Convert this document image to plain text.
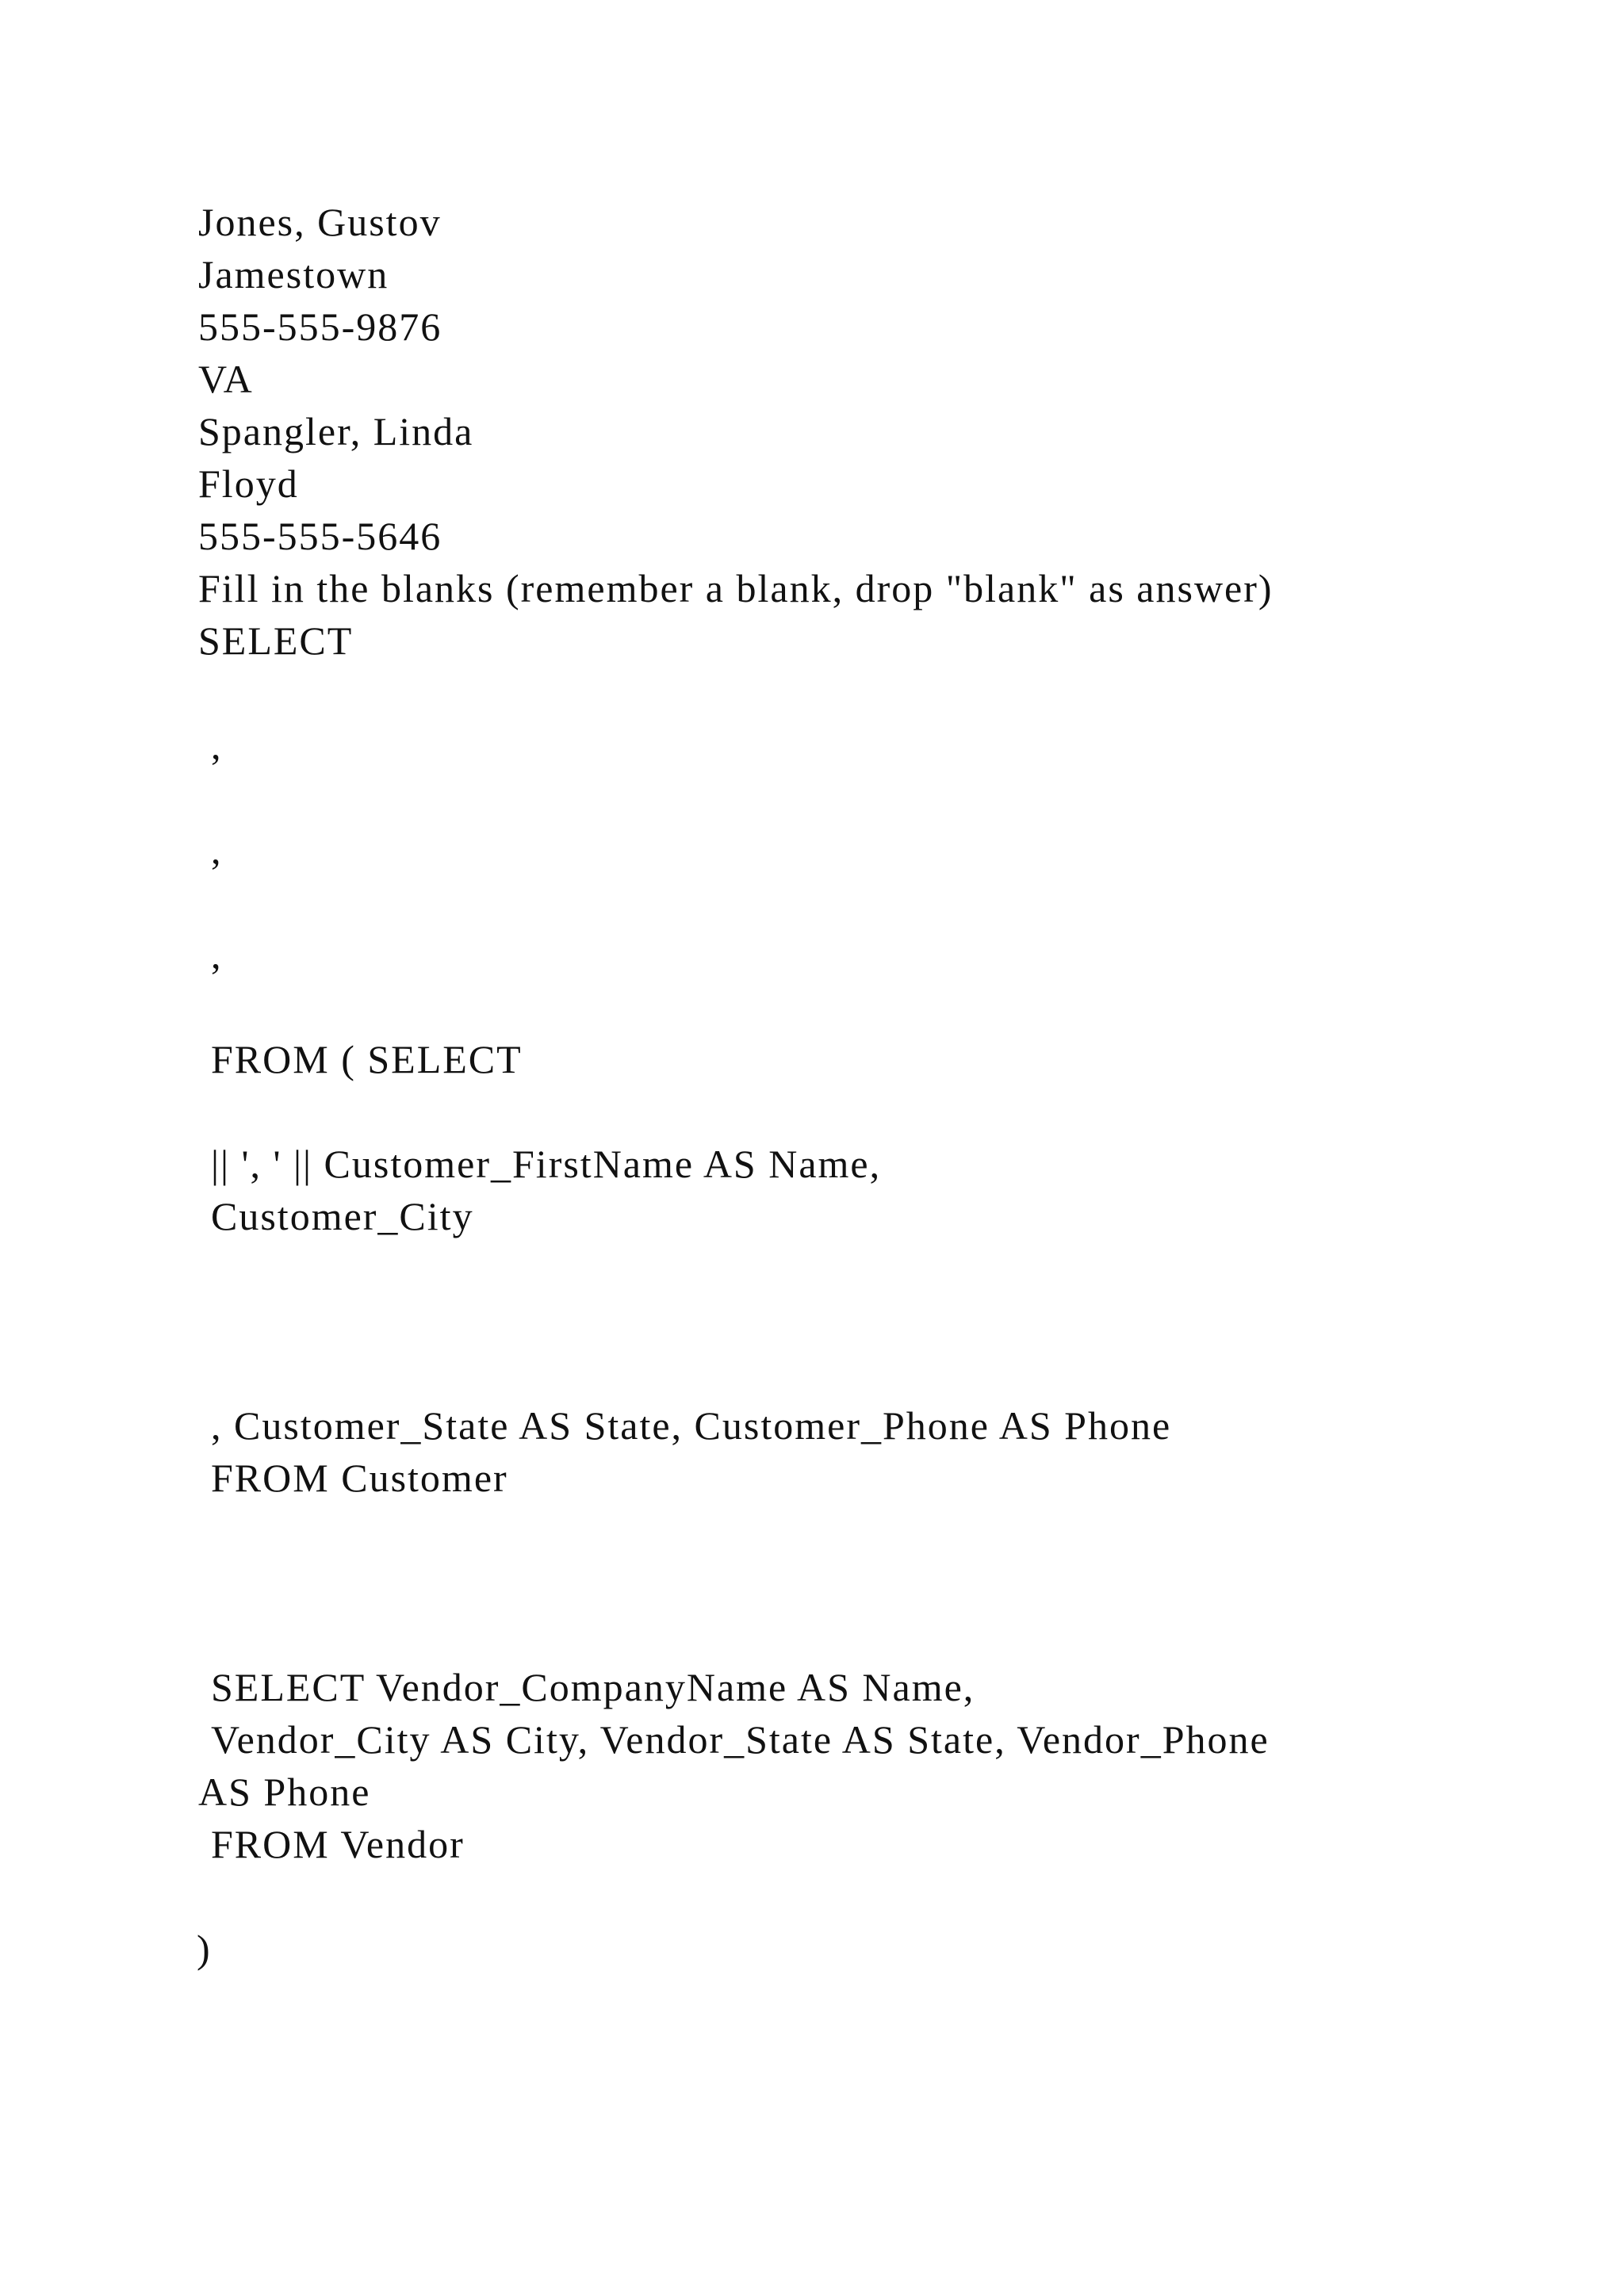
Jones, Gustov
Jamestown
555-555-9876
VA
Spangler, Linda
Floyd
555-555-5646
Fill in the blanks (remember a blank, drop "blank" as answer)
SELECT
,
,
,
FROM ( SELECT
|| ', ' || Customer_FirstName AS Name,
Customer_City
, Customer_State AS State, Customer_Phone AS Phone
FROM Customer
SELECT Vendor_CompanyName AS Name,
Vendor_City AS City, Vendor_State AS State, Vendor_Phone
AS Phone
FROM Vendor
)
